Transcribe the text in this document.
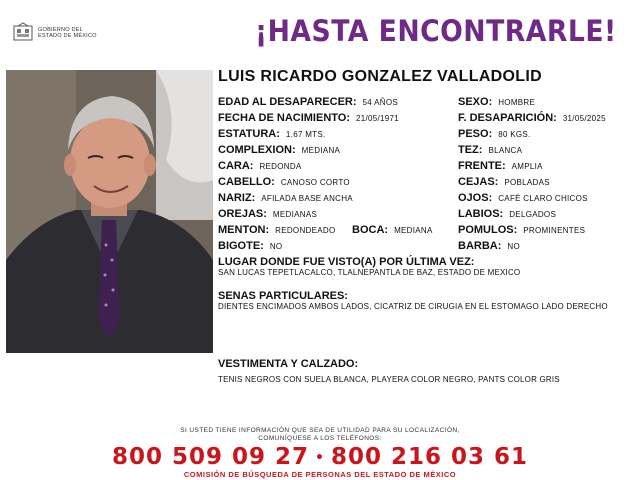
GOBIERNO DEL
ESTADO DE MÉXICO	¡HASTA ENCONTRARLE!
LUIS RICARDO GONZALEZ VALLADOLID
EDAD AL DESAPARECER: 54 AÑOS
FECHA DE NACIMIENTO: 21/05/1971
ESTATURA: 1.67 MTS.
COMPLEXION: MEDIANA
CARA: REDONDA
CABELLO: CANOSO CORTO
NARIZ: AFILADA BASE ANCHA
OREJAS: MEDIANAS
MENTON: REDONDEADO BOCA: MEDIANA
BIGOTE: NO
SEXO: HOMBRE
F. DESAPARICIÓN: 31/05/2025
PESO: 80 KGS.
TEZ: BLANCA
FRENTE: AMPLIA
CEJAS: POBLADAS
OJOS: CAFÉ CLARO CHICOS
LABIOS: DELGADOS
POMULOS: PROMINENTES
BARBA: NO
LUGAR DONDE FUE VISTO(A) POR ÚLTIMA VEZ:
SAN LUCAS TEPETLACALCO, TLALNEPANTLA DE BAZ, ESTADO DE MEXICO
SENAS PARTICULARES:
DIENTES ENCIMADOS AMBOS LADOS, CICATRIZ DE CIRUGIA EN EL ESTOMAGO LADO DERECHO
VESTIMENTA Y CALZADO:
TENIS NEGROS CON SUELA BLANCA, PLAYERA COLOR NEGRO, PANTS COLOR GRIS
SI USTED TIENE INFORMACIÓN QUE SEA DE UTILIDAD PARA SU LOCALIZACIÓN,
COMUNÍQUESE A LOS TELÉFONOS:
800 509 09 27 • 800 216 03 61
COMISIÓN DE BÚSQUEDA DE PERSONAS DEL ESTADO DE MÉXICO
